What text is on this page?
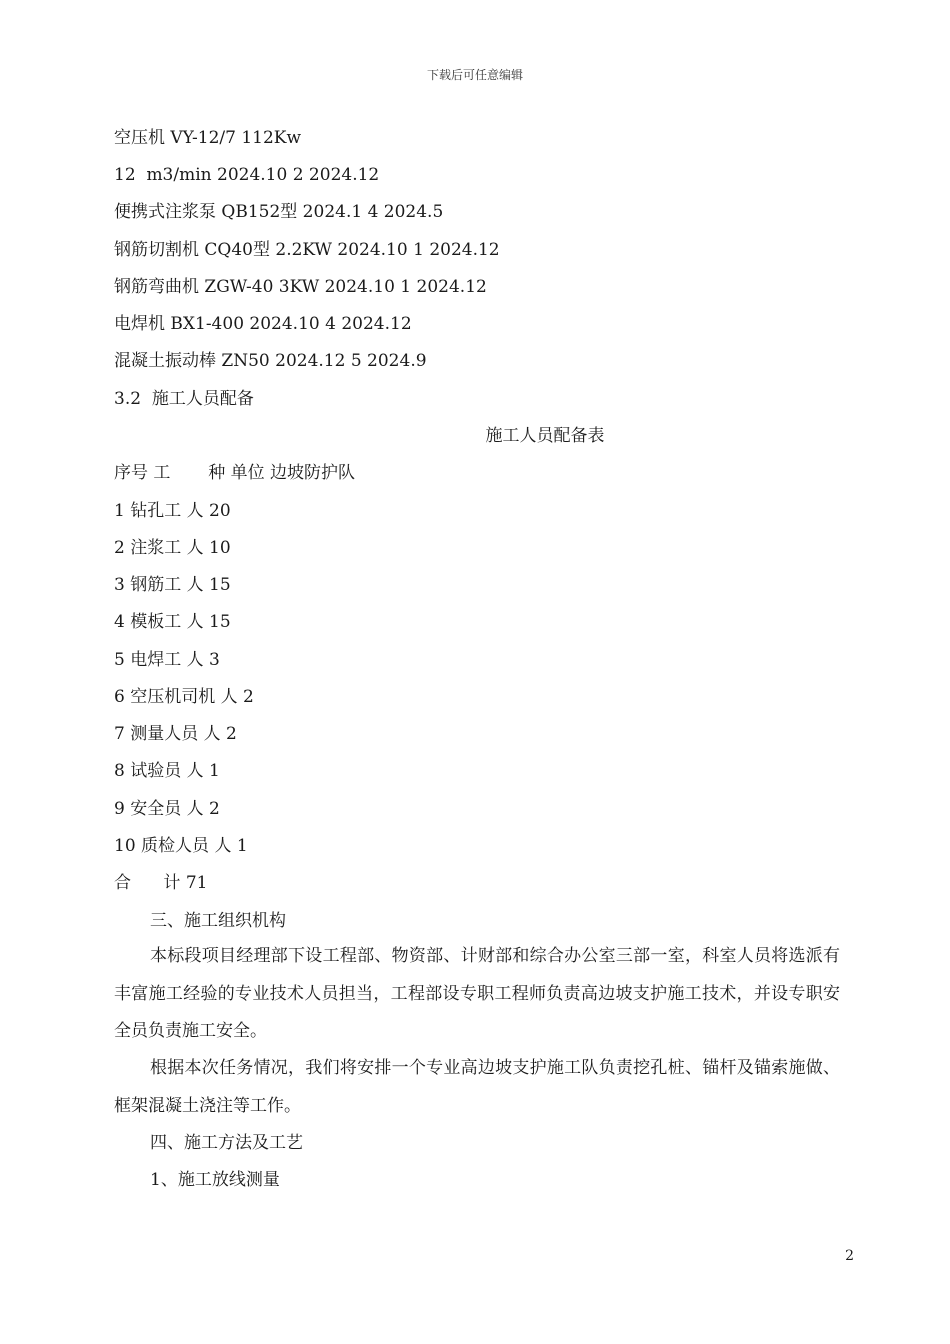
下载后可任意编辑
空压机 VY-12/7 112Kw
12  m3/min 2024.10 2 2024.12
便携式注浆泵 QB152型 2024.1 4 2024.5
钢筋切割机 CQ40型 2.2KW 2024.10 1 2024.12
钢筋弯曲机 ZGW-40 3KW 2024.10 1 2024.12
电焊机 BX1-400 2024.10 4 2024.12
混凝土振动棒 ZN50 2024.12 5 2024.9
3.2  施工人员配备
施工人员配备表
序号 工       种 单位 边坡防护队
1 钻孔工 人 20
2 注浆工 人 10
3 钢筋工 人 15
4 模板工 人 15
5 电焊工 人 3
6 空压机司机 人 2
7 测量人员 人 2
8 试验员 人 1
9 安全员 人 2
10 质检人员 人 1
合      计 71
三、施工组织机构
本标段项目经理部下设工程部、物资部、计财部和综合办公室三部一室，科室人员将选派有丰富施工经验的专业技术人员担当，工程部设专职工程师负责高边坡支护施工技术，并设专职安全员负责施工安全。
根据本次任务情况，我们将安排一个专业高边坡支护施工队负责挖孔桩、锚杆及锚索施做、框架混凝土浇注等工作。
四、施工方法及工艺
1、施工放线测量
2
